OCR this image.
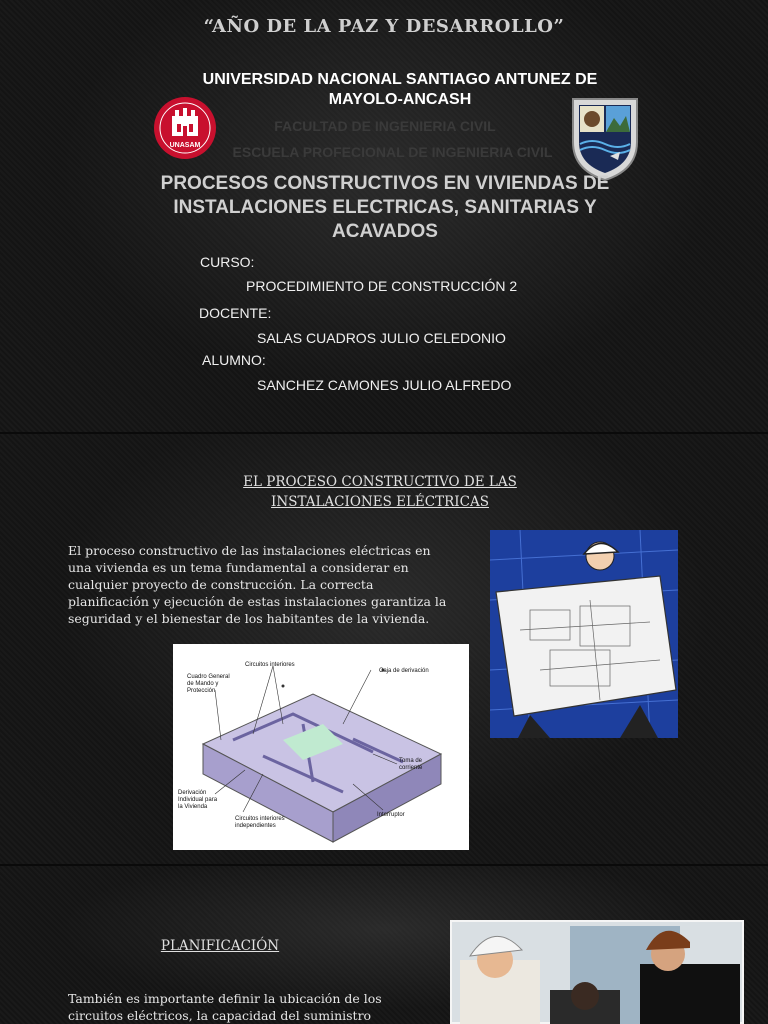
“AÑO DE LA PAZ Y DESARROLLO”
UNIVERSIDAD NACIONAL SANTIAGO ANTUNEZ DE MAYOLO-ANCASH
UNASAM
FACULTAD DE INGENIERIA CIVIL
ESCUELA PROFECIONAL DE INGENIERIA CIVIL
PROCESOS CONSTRUCTIVOS EN VIVIENDAS DE INSTALACIONES ELECTRICAS, SANITARIAS Y ACAVADOS
CURSO:
PROCEDIMIENTO DE CONSTRUCCIÓN 2
DOCENTE:
SALAS CUADROS JULIO CELEDONIO
ALUMNO:
SANCHEZ CAMONES JULIO ALFREDO
EL PROCESO CONSTRUCTIVO DE LAS INSTALACIONES ELÉCTRICAS
El proceso constructivo de las instalaciones eléctricas en una vivienda es un tema fundamental a considerar en cualquier proyecto de construcción. La correcta planificación y ejecución de estas instalaciones garantiza la seguridad y el bienestar de los habitantes de la vivienda.
Circuitos interiores
Caja de derivación
Cuadro General
de Mando y
Protección
Toma de
corriente
Derivación
Individual para
la Vivienda
Circuitos interiores
independientes
Interruptor
PLANIFICACIÓN
También es importante definir la ubicación de los circuitos eléctricos, la capacidad del suministro
